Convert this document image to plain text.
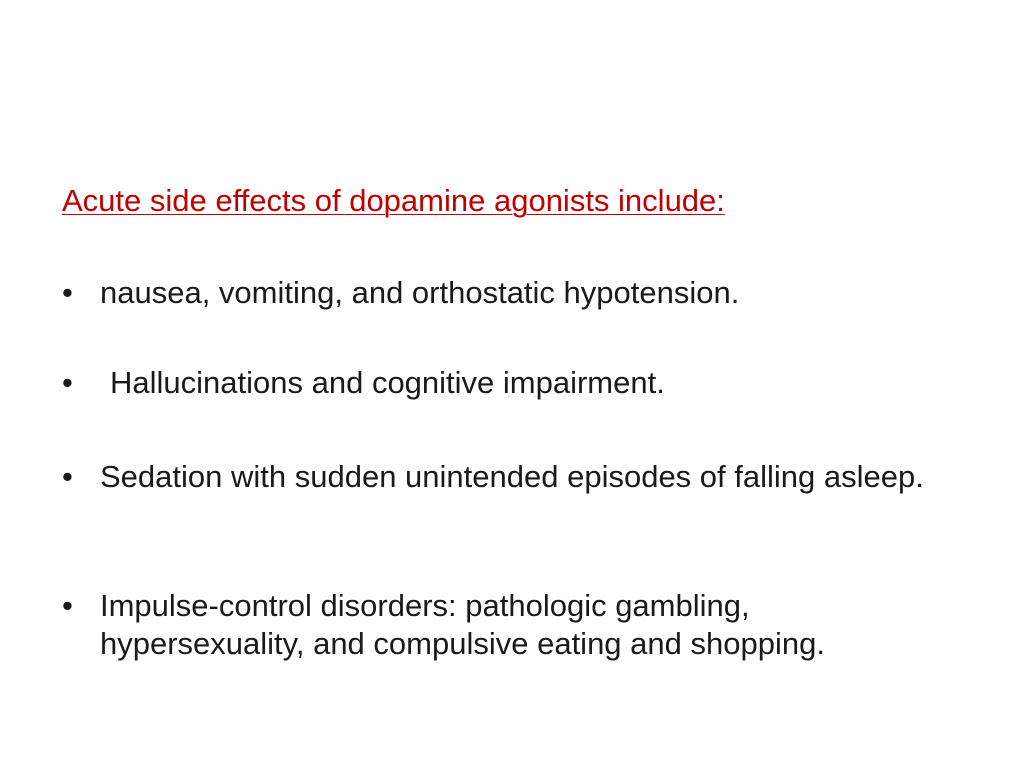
Acute side effects of dopamine agonists include:
• nausea, vomiting, and orthostatic hypotension.
• Hallucinations and cognitive impairment.
• Sedation with sudden unintended episodes of falling asleep.
• Impulse-control disorders: pathologic gambling, hypersexuality, and compulsive eating and shopping.
